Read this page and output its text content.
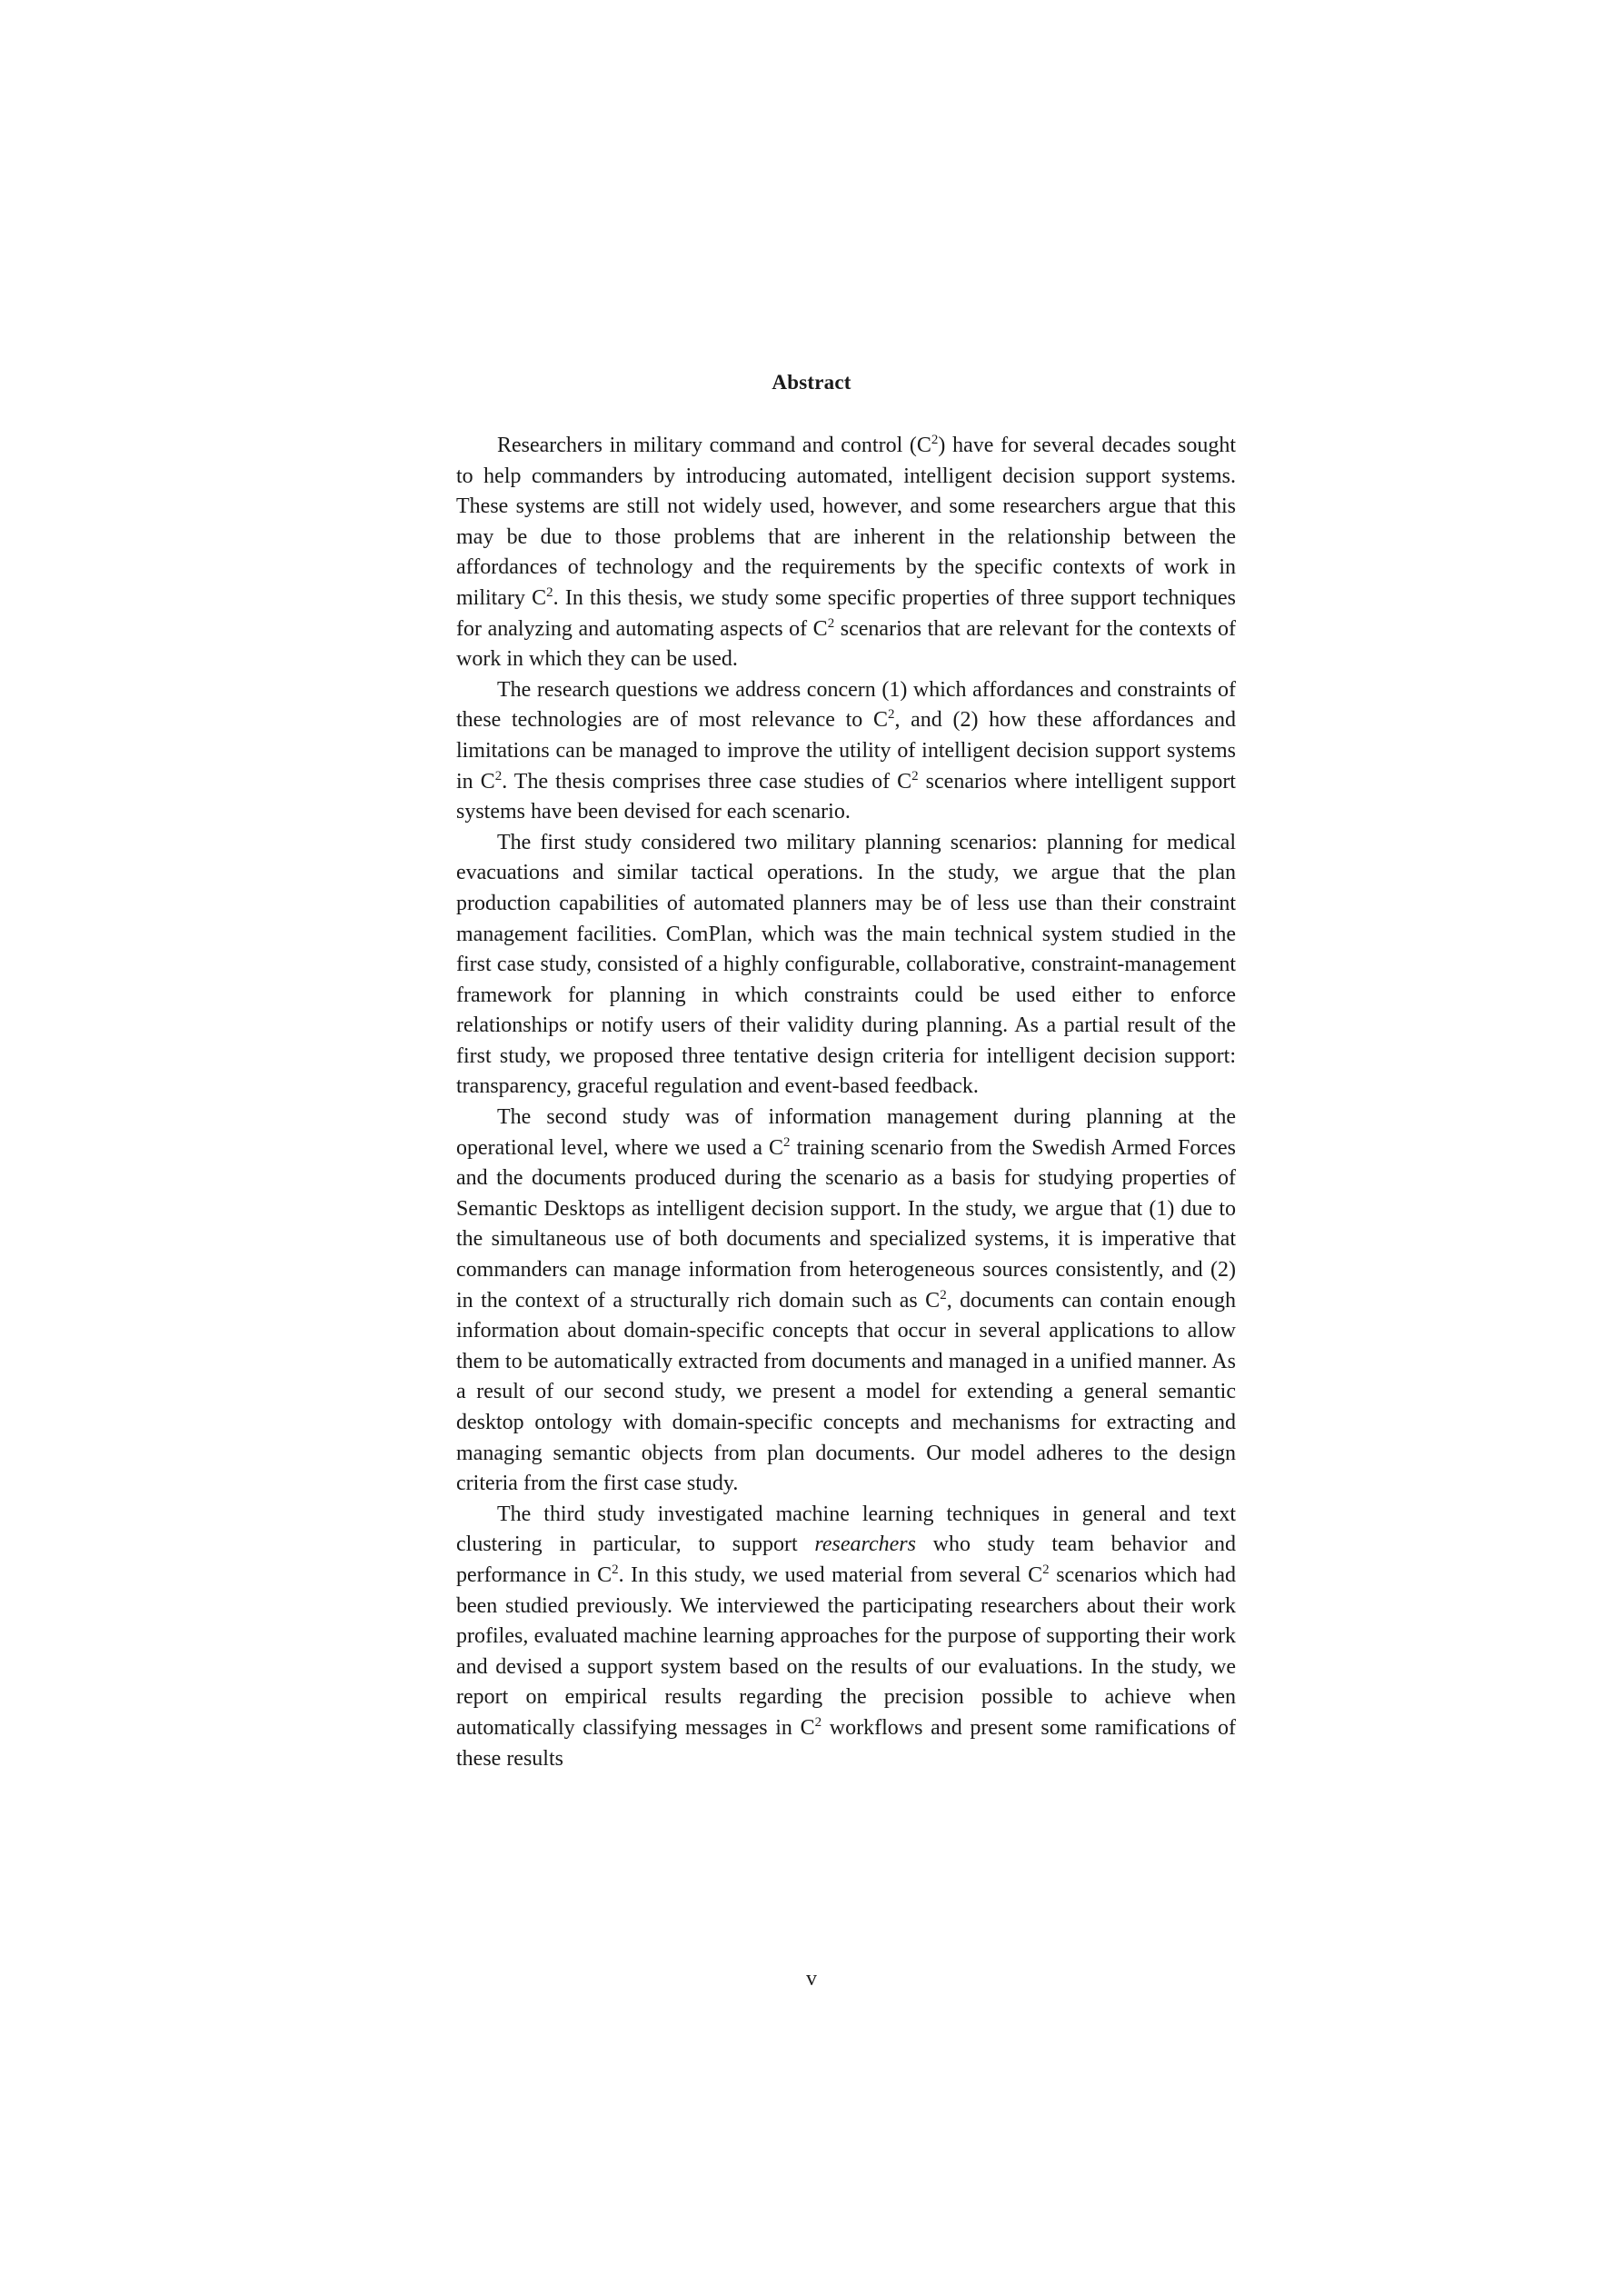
Abstract

Researchers in military command and control $(C^2)$ have for several decades sought to help commanders by introducing automated, intelligent decision support systems. These systems are still not widely used, however, and some researchers argue that this may be due to those problems that are inherent in the relationship between the affordances of technology and the requirements by the specific contexts of work in military $C^2$. In this thesis, we study some specific properties of three support techniques for analyzing and automating aspects of $C^2$ scenarios that are relevant for the contexts of work in which they can be used.

The research questions we address concern (1) which affordances and constraints of these technologies are of most relevance to $C^2$, and (2) how these affordances and limitations can be managed to improve the utility of intelligent decision support systems in $C^2$. The thesis comprises three case studies of $C^2$ scenarios where intelligent support systems have been devised for each scenario.

The first study considered two military planning scenarios: planning for medical evacuations and similar tactical operations. In the study, we argue that the plan production capabilities of automated planners may be of less use than their constraint management facilities. ComPlan, which was the main technical system studied in the first case study, consisted of a highly configurable, collaborative, constraint-management framework for planning in which constraints could be used either to enforce relationships or notify users of their validity during planning. As a partial result of the first study, we proposed three tentative design criteria for intelligent decision support: transparency, graceful regulation and event-based feedback.

The second study was of information management during planning at the operational level, where we used a $C^2$ training scenario from the Swedish Armed Forces and the documents produced during the scenario as a basis for studying properties of Semantic Desktops as intelligent decision support. In the study, we argue that (1) due to the simultaneous use of both documents and specialized systems, it is imperative that commanders can manage information from heterogeneous sources consistently, and (2) in the context of a structurally rich domain such as $C^2$, documents can contain enough information about domain-specific concepts that occur in several applications to allow them to be automatically extracted from documents and managed in a unified manner. As a result of our second study, we present a model for extending a general semantic desktop ontology with domain-specific concepts and mechanisms for extracting and managing semantic objects from plan documents. Our model adheres to the design criteria from the first case study.

The third study investigated machine learning techniques in general and text clustering in particular, to support researchers who study team behavior and performance in $C^2$. In this study, we used material from several $C^2$ scenarios which had been studied previously. We interviewed the participating researchers about their work profiles, evaluated machine learning approaches for the purpose of supporting their work and devised a support system based on the results of our evaluations. In the study, we report on empirical results regarding the precision possible to achieve when automatically classifying messages in $C^2$ workflows and present some ramifications of these results

v
